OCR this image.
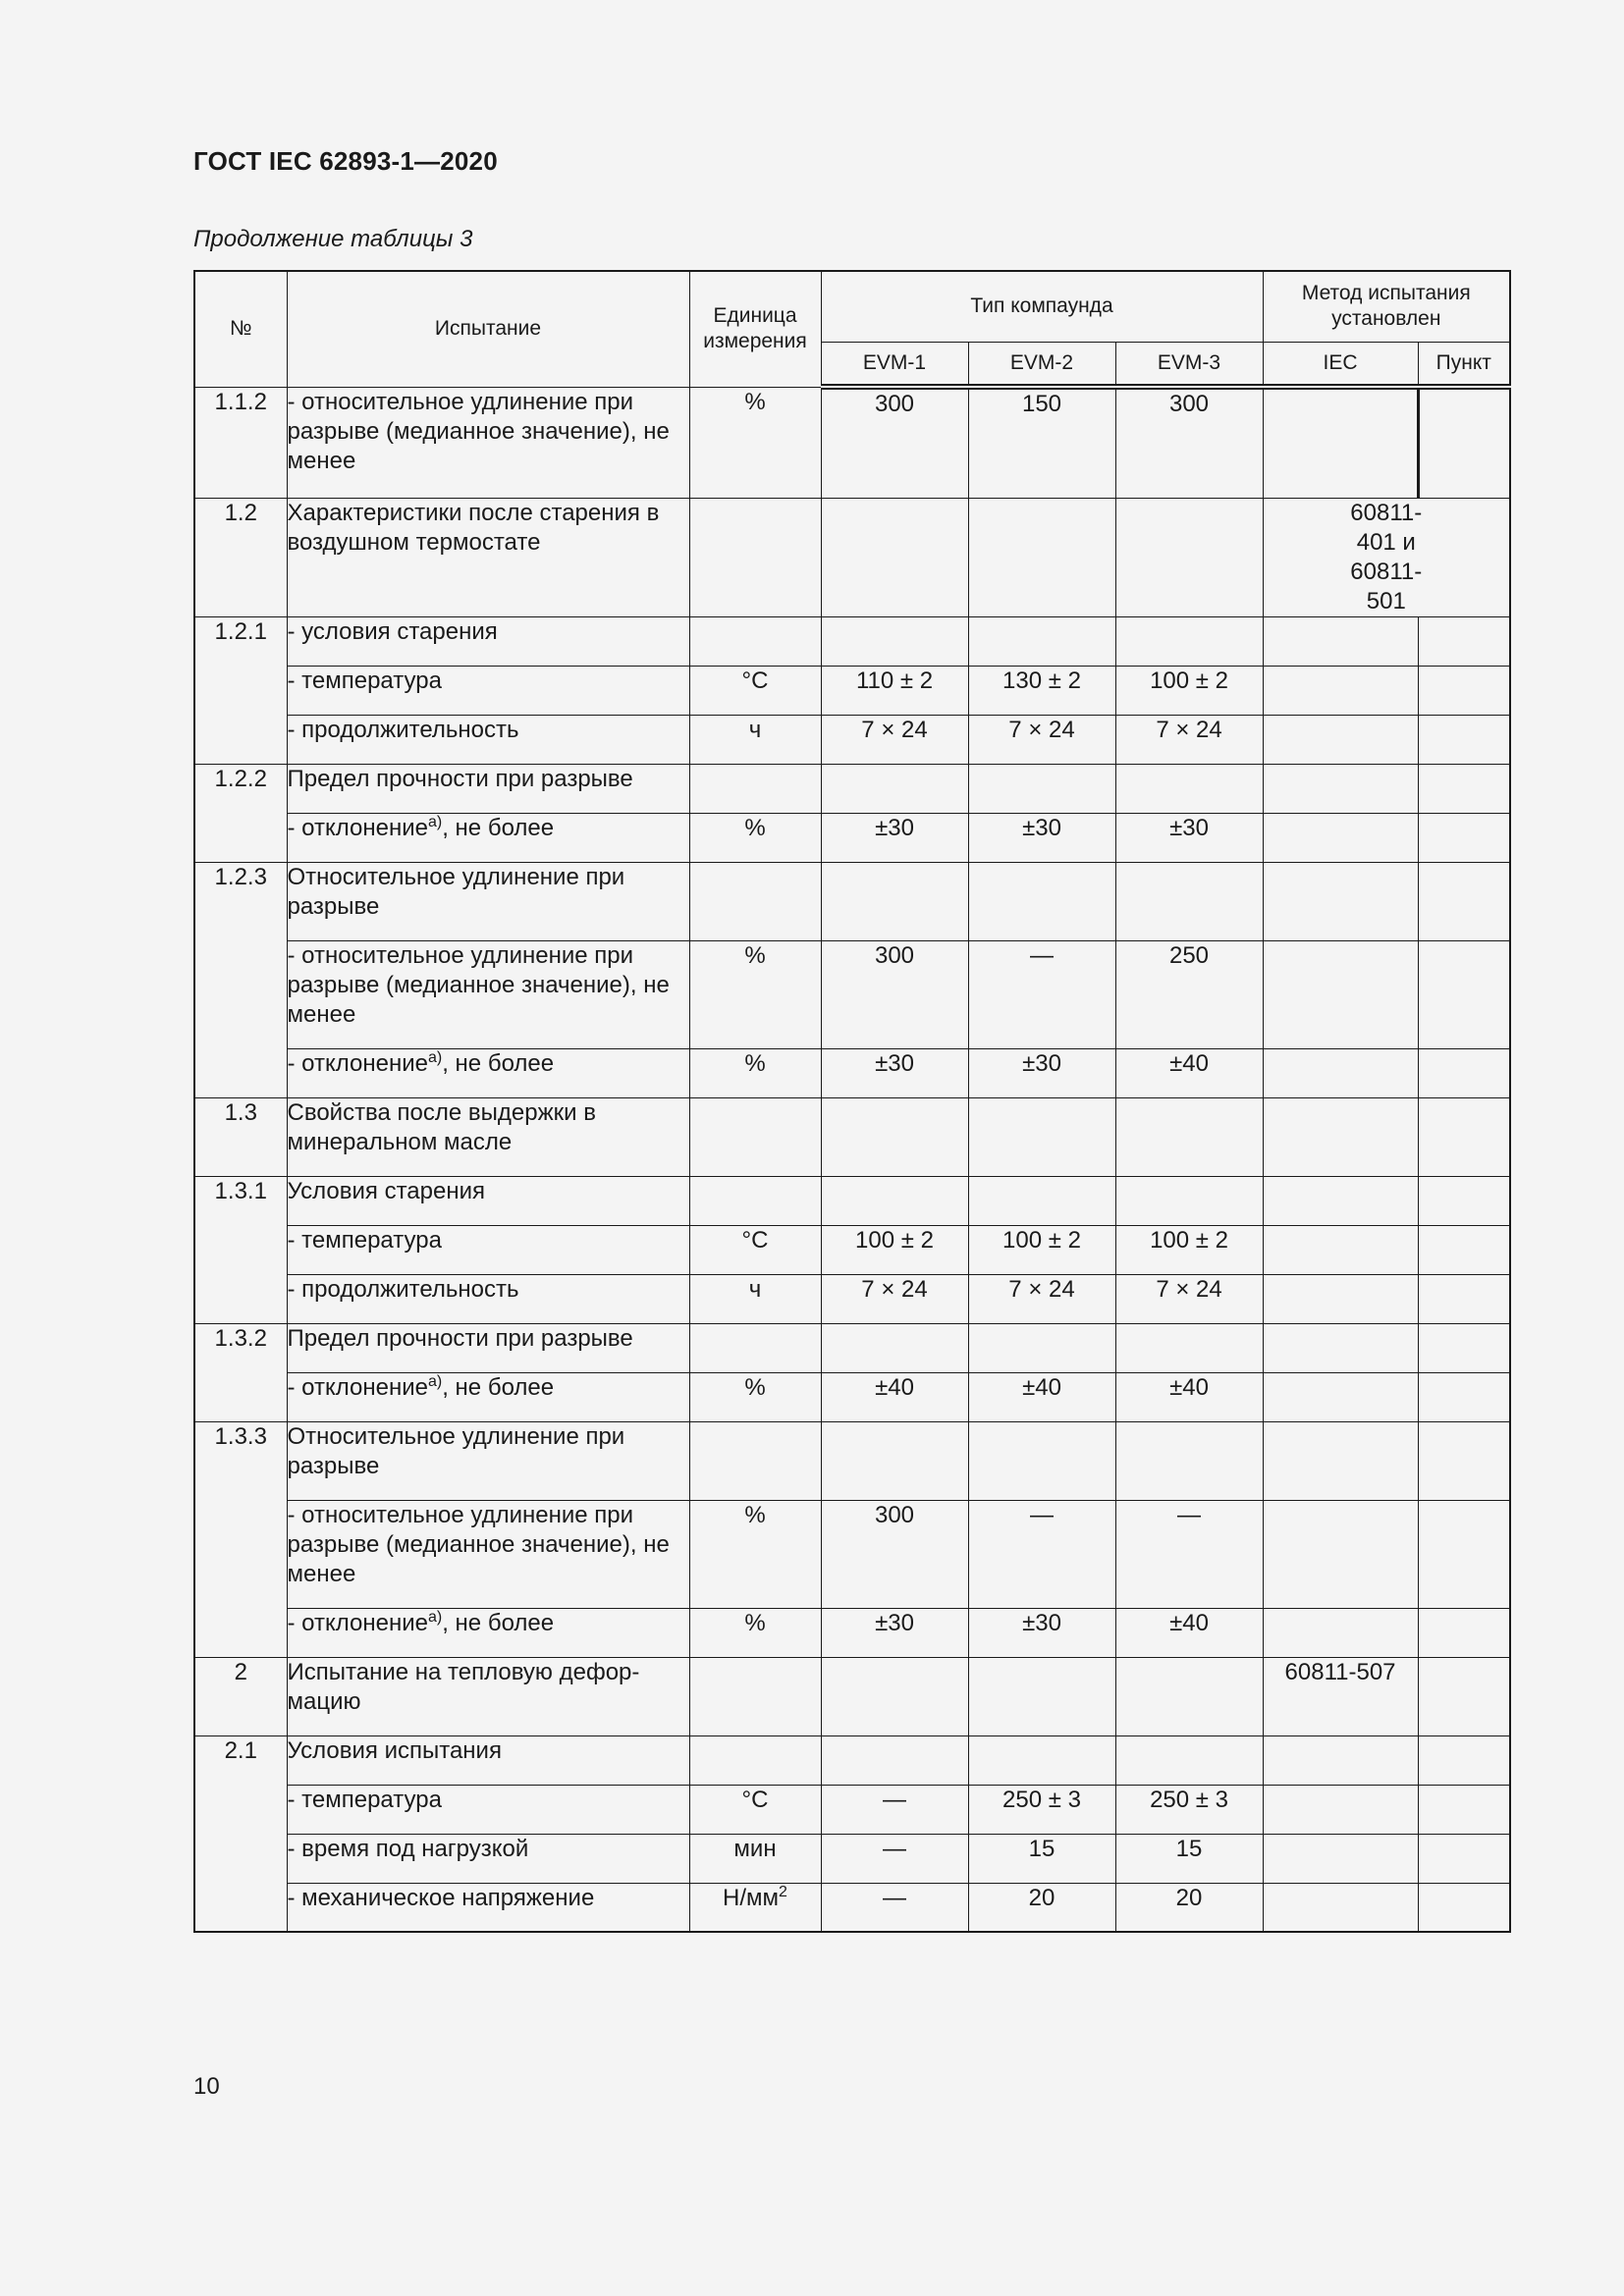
ГОСТ IEC 62893-1—2020
Продолжение таблицы 3
№	Испытание	Единица измерения	Тип компаунда			Метод испытания установлен	
			EVM-1	EVM-2	EVM-3	IEC	Пункт
1.1.2	- относительное удлинение при разрыве (медианное значение), не менее	%	300	150	300		
1.2	Характеристики после старения в воздушном термостате					60811-401 и 60811-501	
1.2.1	- условия старения						
	- температура	°С	110 ± 2	130 ± 2	100 ± 2		
	- продолжительность	ч	7 × 24	7 × 24	7 × 24		
1.2.2	Предел прочности при разрыве						
	- отклонение$^{а)}$, не более	%	±30	±30	±30		
1.2.3	Относительное удлинение при разрыве						
	- относительное удлинение при разрыве (медианное значение), не менее	%	300	—	250		
	- отклонение$^{а)}$, не более	%	±30	±30	±40		
1.3	Свойства после выдержки в минеральном масле						
1.3.1	Условия старения						
	- температура	°С	100 ± 2	100 ± 2	100 ± 2		
	- продолжительность	ч	7 × 24	7 × 24	7 × 24		
1.3.2	Предел прочности при разрыве						
	- отклонение$^{а)}$, не более	%	±40	±40	±40		
1.3.3	Относительное удлинение при разрыве						
	- относительное удлинение при разрыве (медианное значение), не менее	%	300	—	—		
	- отклонение$^{а)}$, не более	%	±30	±30	±40		
2	Испытание на тепловую дефор-мацию					60811-507	
2.1	Условия испытания						
	- температура	°С	—	250 ± 3	250 ± 3		
	- время под нагрузкой	мин	—	15	15		
	- механическое напряжение	$Н/мм^2$	—	20	20		
10
